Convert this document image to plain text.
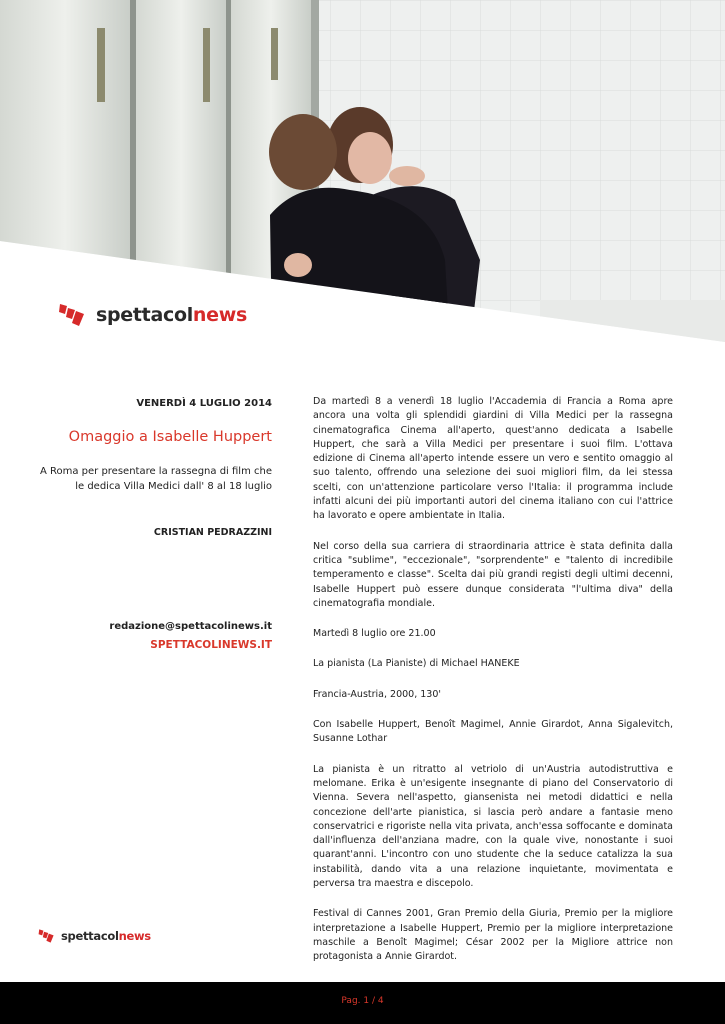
spettacolnews
VENERDÌ 4 LUGLIO 2014
Omaggio a Isabelle Huppert
A Roma per presentare la rassegna di film che le dedica Villa Medici dall' 8 al 18 luglio
CRISTIAN PEDRAZZINI
redazione@spettacolinews.it
SPETTACOLINEWS.IT

Da martedì 8 a venerdì 18 luglio l'Accademia di Francia a Roma apre ancora una volta gli splendidi giardini di Villa Medici per la rassegna cinematografica Cinema all'aperto, quest'anno dedicata a Isabelle Huppert, che sarà a Villa Medici per presentare i suoi film. L'ottava edizione di Cinema all'aperto intende essere un vero e sentito omaggio al suo talento, offrendo una selezione dei suoi migliori film, da lei stessa scelti, con un'attenzione particolare verso l'Italia: il programma include infatti alcuni dei più importanti autori del cinema italiano con cui l'attrice ha lavorato e opere ambientate in Italia.

Nel corso della sua carriera di straordinaria attrice è stata definita dalla critica "sublime", "eccezionale", "sorprendente" e "talento di incredibile temperamento e classe". Scelta dai più grandi registi degli ultimi decenni, Isabelle Huppert può essere dunque considerata "l'ultima diva" della cinematografia mondiale.

Martedì 8 luglio ore 21.00

La pianista (La Pianiste) di Michael HANEKE

Francia-Austria, 2000, 130'

Con Isabelle Huppert, Benoît Magimel, Annie Girardot, Anna Sigalevitch, Susanne Lothar

La pianista è un ritratto al vetriolo di un'Austria autodistruttiva e melomane. Erika è un'esigente insegnante di piano del Conservatorio di Vienna. Severa nell'aspetto, giansenista nei metodi didattici e nella concezione dell'arte pianistica, si lascia però andare a fantasie meno conservatrici e rigoriste nella vita privata, anch'essa soffocante e dominata dall'influenza dell'anziana madre, con la quale vive, nonostante i suoi quarant'anni. L'incontro con uno studente che la seduce catalizza la sua instabilità, dando vita a una relazione inquietante, movimentata e perversa tra maestra e discepolo.

Festival di Cannes 2001, Gran Premio della Giuria, Premio per la migliore interpretazione a Isabelle Huppert, Premio per la migliore interpretazione maschile a Benoît Magimel; César 2002 per la Migliore attrice non protagonista a Annie Girardot.

spettacolnews
Pag. 1 / 4
